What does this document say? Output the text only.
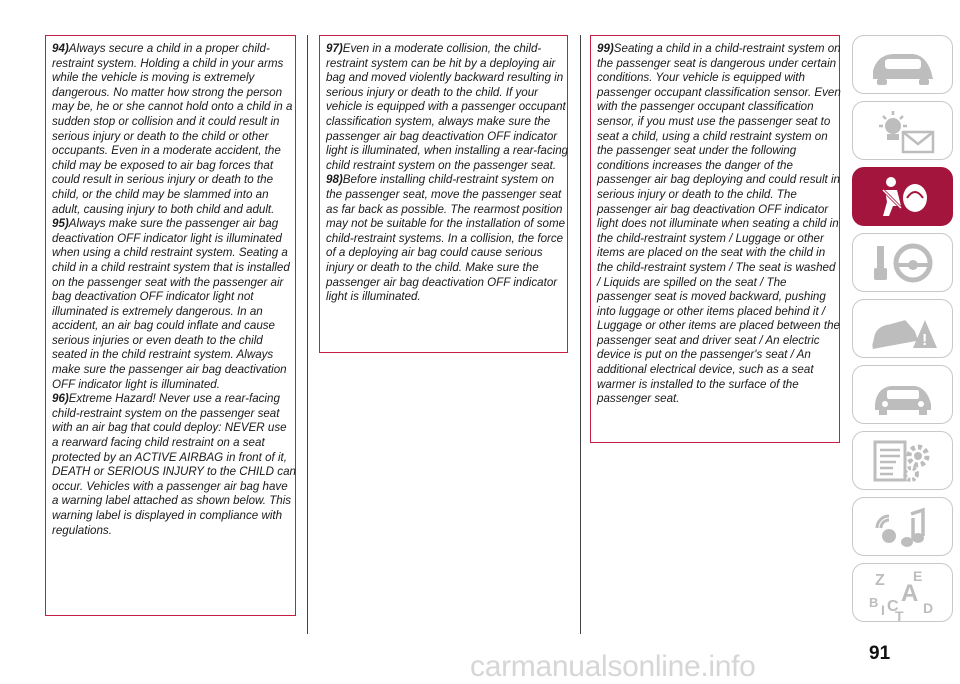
94)Always secure a child in a proper child-restraint system. Holding a child in your arms while the vehicle is moving is extremely dangerous. No matter how strong the person may be, he or she cannot hold onto a child in a sudden stop or collision and it could result in serious injury or death to the child or other occupants. Even in a moderate accident, the child may be exposed to air bag forces that could result in serious injury or death to the child, or the child may be slammed into an adult, causing injury to both child and adult.

95)Always make sure the passenger air bag deactivation OFF indicator light is illuminated when using a child restraint system. Seating a child in a child restraint system that is installed on the passenger seat with the passenger air bag deactivation OFF indicator light not illuminated is extremely dangerous. In an accident, an air bag could inflate and cause serious injuries or even death to the child seated in the child restraint system. Always make sure the passenger air bag deactivation OFF indicator light is illuminated.

96)Extreme Hazard! Never use a rear-facing child-restraint system on the passenger seat with an air bag that could deploy: NEVER use a rearward facing child restraint on a seat protected by an ACTIVE AIRBAG in front of it, DEATH or SERIOUS INJURY to the CHILD can occur. Vehicles with a passenger air bag have a warning label attached as shown below. This warning label is displayed in compliance with regulations.

97)Even in a moderate collision, the child-restraint system can be hit by a deploying air bag and moved violently backward resulting in serious injury or death to the child. If your vehicle is equipped with a passenger occupant classification system, always make sure the passenger air bag deactivation OFF indicator light is illuminated, when installing a rear-facing child restraint system on the passenger seat.

98)Before installing child-restraint system on the passenger seat, move the passenger seat as far back as possible. The rearmost position may not be suitable for the installation of some child-restraint systems. In a collision, the force of a deploying air bag could cause serious injury or death to the child. Make sure the passenger air bag deactivation OFF indicator light is illuminated.

99)Seating a child in a child-restraint system on the passenger seat is dangerous under certain conditions. Your vehicle is equipped with passenger occupant classification sensor. Even with the passenger occupant classification sensor, if you must use the passenger seat to seat a child, using a child restraint system on the passenger seat under the following conditions increases the danger of the passenger air bag deploying and could result in serious injury or death to the child. The passenger air bag deactivation OFF indicator light does not illuminate when seating a child in the child-restraint system / Luggage or other items are placed on the seat with the child in the child-restraint system / The seat is washed / Liquids are spilled on the seat / The passenger seat is moved backward, pushing into luggage or other items placed behind it / Luggage or other items are placed between the passenger seat and driver seat / An electric device is put on the passenger's seat / An additional electrical device, such as a seat warmer is installed to the surface of the passenger seat.

!
Z E
A
B C D
I T
91
carmanualsonline.info
